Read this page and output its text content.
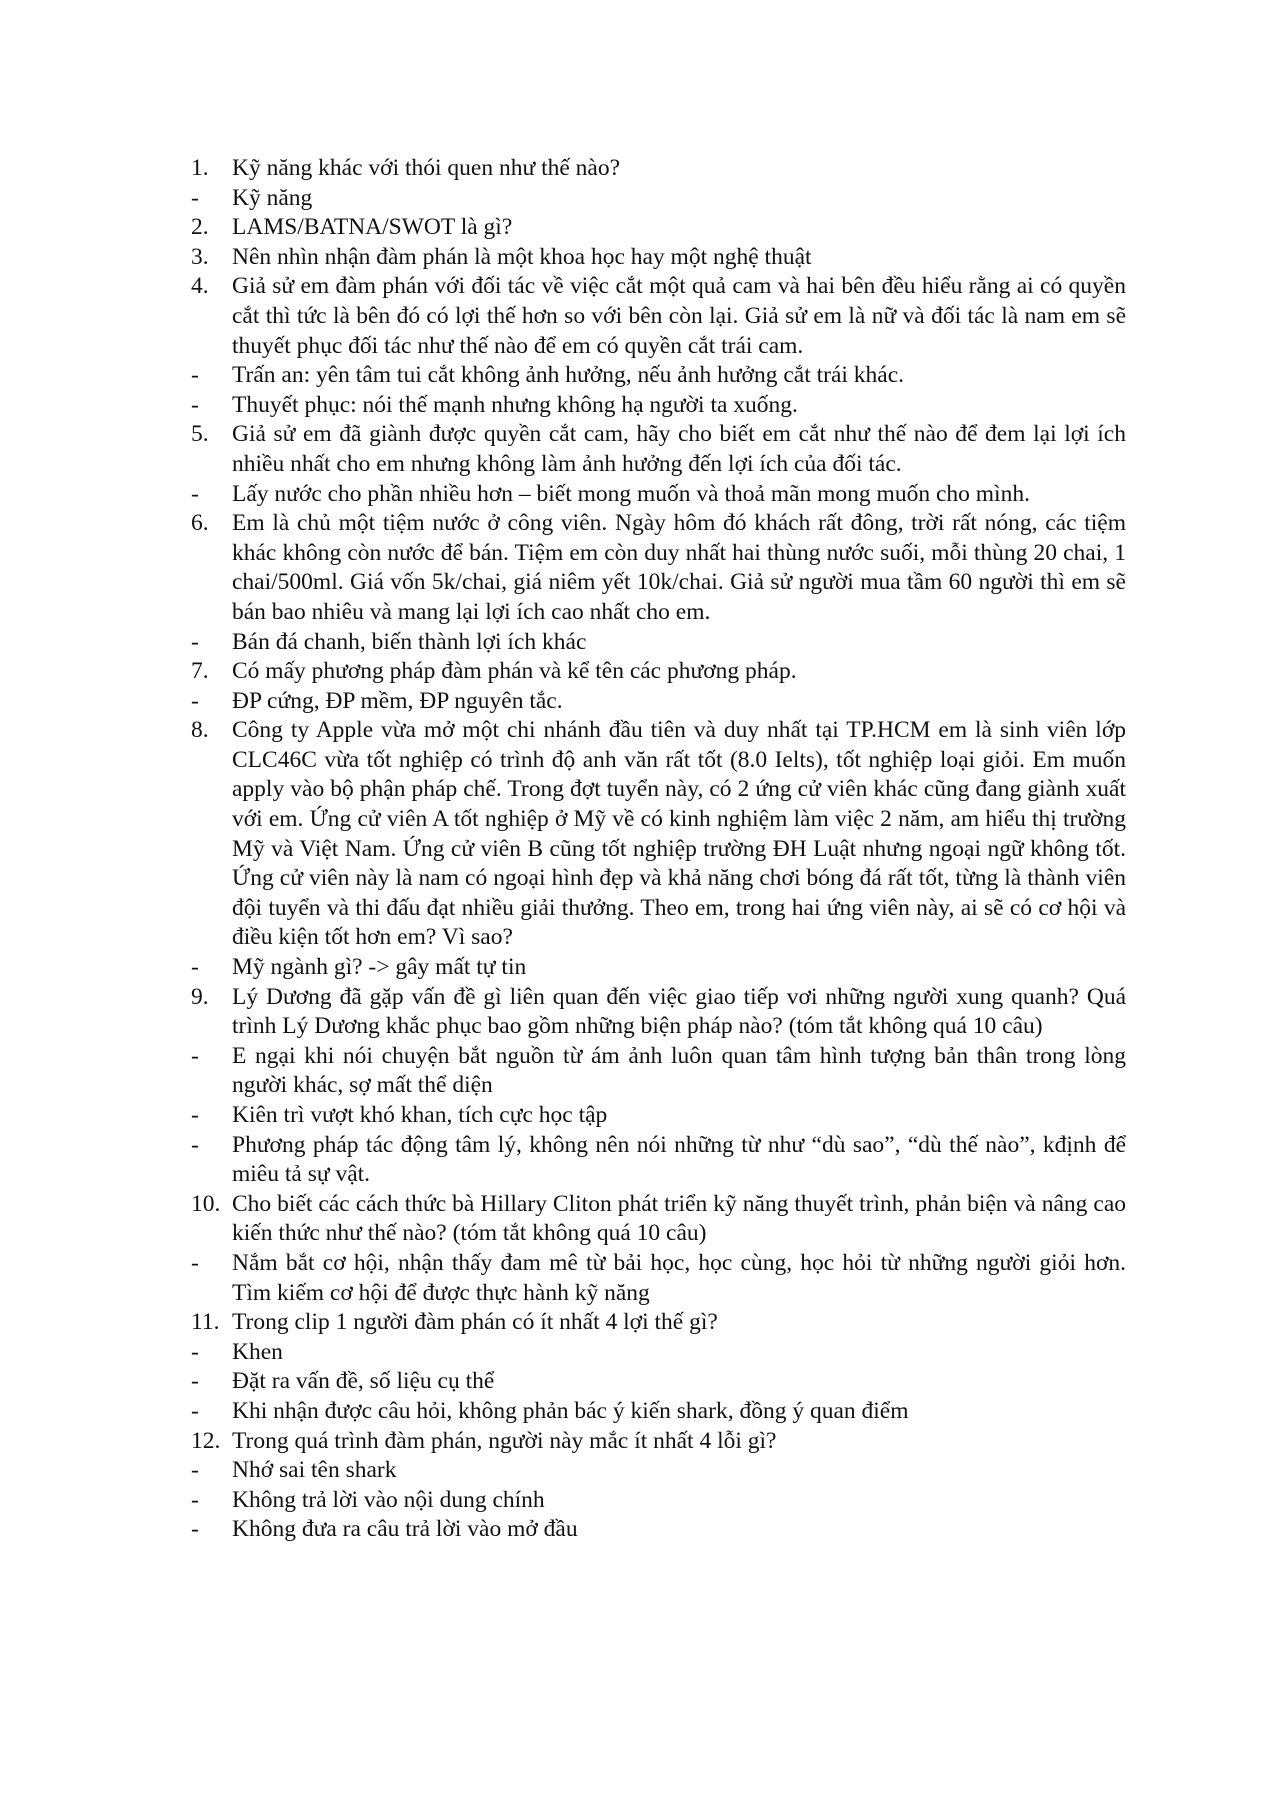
1. Kỹ năng khác với thói quen như thế nào?
-	Kỹ năng
2. LAMS/BATNA/SWOT là gì?
3. Nên nhìn nhận đàm phán là một khoa học hay một nghệ thuật
4. Giả sử em đàm phán với đối tác về việc cắt một quả cam và hai bên đều hiểu rằng ai có quyền cắt thì tức là bên đó có lợi thế hơn so với bên còn lại. Giả sử em là nữ và đối tác là nam em sẽ thuyết phục đối tác như thế nào để em có quyền cắt trái cam.
-	Trấn an: yên tâm tui cắt không ảnh hưởng, nếu ảnh hưởng cắt trái khác.
-	Thuyết phục: nói thế mạnh nhưng không hạ người ta xuống.
5. Giả sử em đã giành được quyền cắt cam, hãy cho biết em cắt như thế nào để đem lại lợi ích nhiều nhất cho em nhưng không làm ảnh hưởng đến lợi ích của đối tác.
-	Lấy nước cho phần nhiều hơn – biết mong muốn và thoả mãn mong muốn cho mình.
6. Em là chủ một tiệm nước ở công viên. Ngày hôm đó khách rất đông, trời rất nóng, các tiệm khác không còn nước để bán. Tiệm em còn duy nhất hai thùng nước suối, mỗi thùng 20 chai, 1 chai/500ml. Giá vốn 5k/chai, giá niêm yết 10k/chai. Giả sử người mua tầm 60 người thì em sẽ bán bao nhiêu và mang lại lợi ích cao nhất cho em.
-	Bán đá chanh, biến thành lợi ích khác
7. Có mấy phương pháp đàm phán và kể tên các phương pháp.
-	ĐP cứng, ĐP mềm, ĐP nguyên tắc.
8. Công ty Apple vừa mở một chi nhánh đầu tiên và duy nhất tại TP.HCM em là sinh viên lớp CLC46C vừa tốt nghiệp có trình độ anh văn rất tốt (8.0 Ielts), tốt nghiệp loại giỏi. Em muốn apply vào bộ phận pháp chế. Trong đợt tuyển này, có 2 ứng cử viên khác cũng đang giành xuất với em. Ứng cử viên A tốt nghiệp ở Mỹ về có kinh nghiệm làm việc 2 năm, am hiểu thị trường Mỹ và Việt Nam. Ứng cử viên B cũng tốt nghiệp trường ĐH Luật nhưng ngoại ngữ không tốt. Ứng cử viên này là nam có ngoại hình đẹp và khả năng chơi bóng đá rất tốt, từng là thành viên đội tuyển và thi đấu đạt nhiều giải thưởng. Theo em, trong hai ứng viên này, ai sẽ có cơ hội và điều kiện tốt hơn em? Vì sao?
-	Mỹ ngành gì? -> gây mất tự tin
9. Lý Dương đã gặp vấn đề gì liên quan đến việc giao tiếp vơi những người xung quanh? Quá trình Lý Dương khắc phục bao gồm những biện pháp nào? (tóm tắt không quá 10 câu)
-	E ngại khi nói chuyện bắt nguồn từ ám ảnh luôn quan tâm hình tượng bản thân trong lòng người khác, sợ mất thể diện
-	Kiên trì vượt khó khan, tích cực học tập
-	Phương pháp tác động tâm lý, không nên nói những từ như “dù sao”, “dù thế nào”, kđịnh để miêu tả sự vật.
10. Cho biết các cách thức bà Hillary Cliton phát triển kỹ năng thuyết trình, phản biện và nâng cao kiến thức như thế nào? (tóm tắt không quá 10 câu)
-	Nắm bắt cơ hội, nhận thấy đam mê từ bải học, học cùng, học hỏi từ những người giỏi hơn. Tìm kiếm cơ hội để được thực hành kỹ năng
11. Trong clip 1 người đàm phán có ít nhất 4 lợi thế gì?
-	Khen
-	Đặt ra vấn đề, số liệu cụ thể
-	Khi nhận được câu hỏi, không phản bác ý kiến shark, đồng ý quan điểm
12. Trong quá trình đàm phán, người này mắc ít nhất 4 lỗi gì?
-	Nhớ sai tên shark
-	Không trả lời vào nội dung chính
-	Không đưa ra câu trả lời vào mở đầu
